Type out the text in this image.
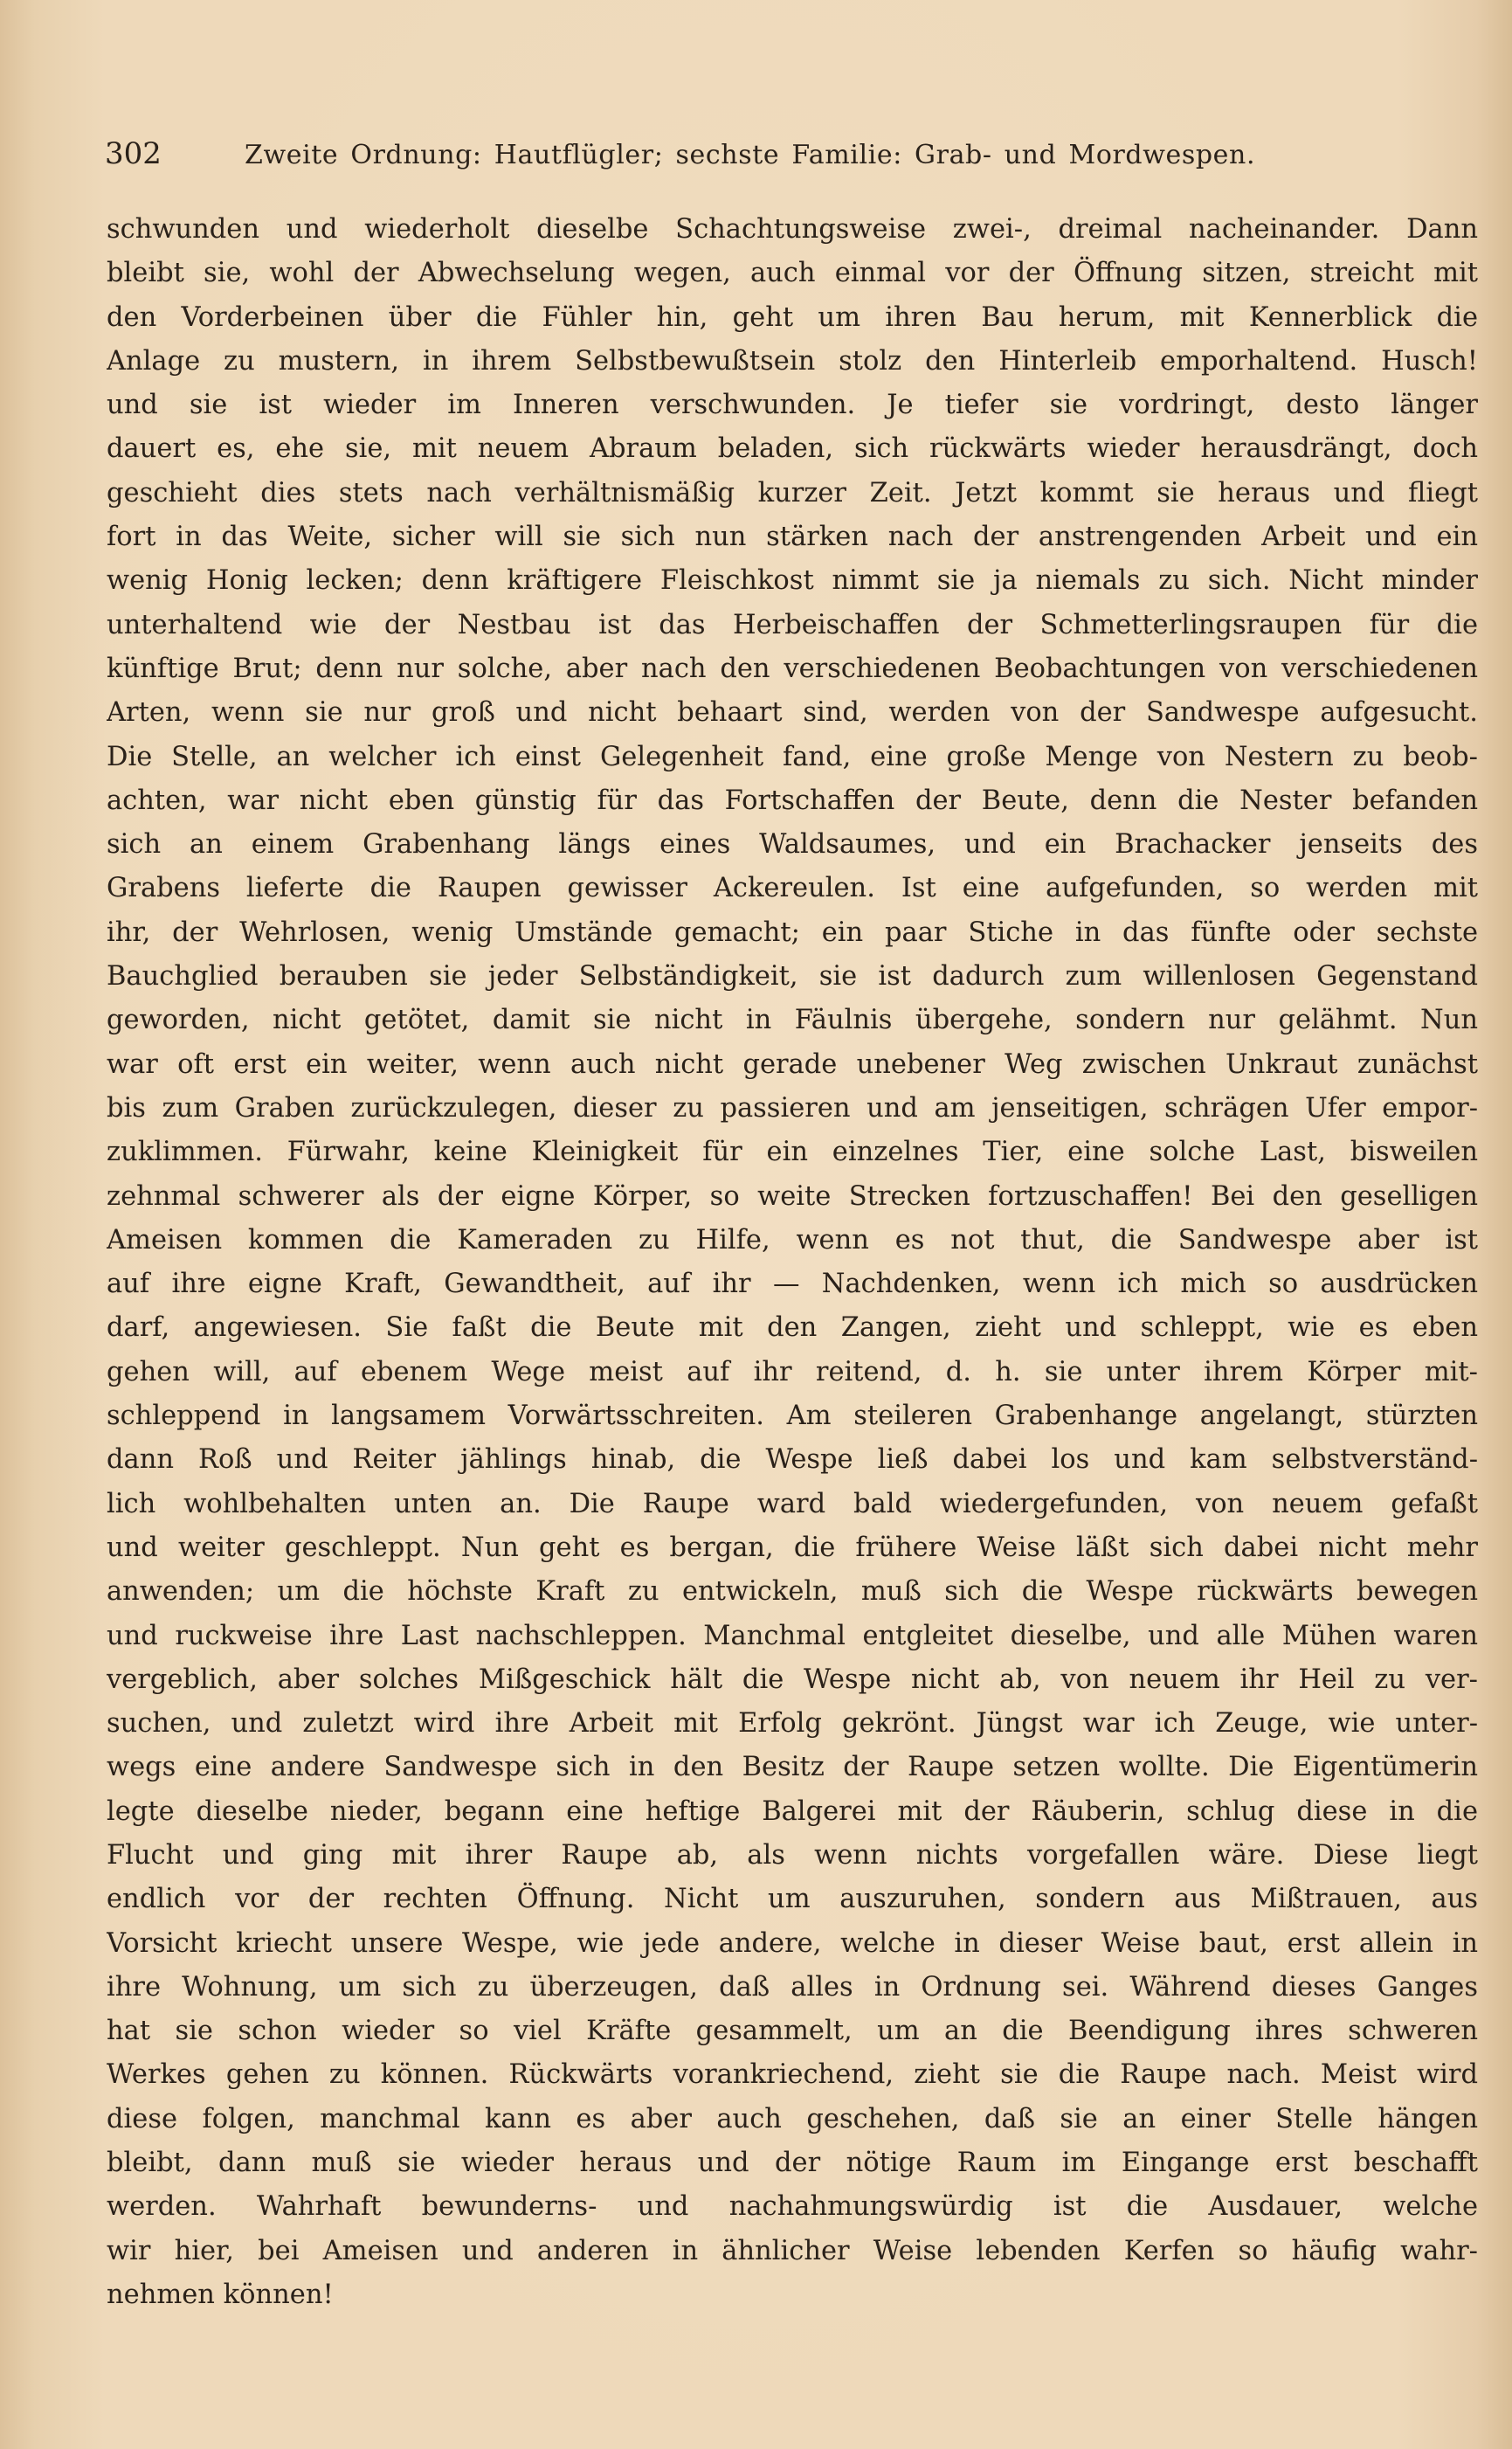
302	Zweite Ordnung: Hautflügler; sechste Familie: Grab- und Mordwespen.
schwunden und wiederholt dieselbe Schachtungsweise zwei-, dreimal nacheinander. Dann
bleibt sie, wohl der Abwechselung wegen, auch einmal vor der Öffnung sitzen, streicht mit
den Vorderbeinen über die Fühler hin, geht um ihren Bau herum, mit Kennerblick die
Anlage zu mustern, in ihrem Selbstbewußtsein stolz den Hinterleib emporhaltend. Husch!
und sie ist wieder im Inneren verschwunden. Je tiefer sie vordringt, desto länger
dauert es, ehe sie, mit neuem Abraum beladen, sich rückwärts wieder herausdrängt, doch
geschieht dies stets nach verhältnismäßig kurzer Zeit. Jetzt kommt sie heraus und fliegt
fort in das Weite, sicher will sie sich nun stärken nach der anstrengenden Arbeit und ein
wenig Honig lecken; denn kräftigere Fleischkost nimmt sie ja niemals zu sich. Nicht minder
unterhaltend wie der Nestbau ist das Herbeischaffen der Schmetterlingsraupen für die
künftige Brut; denn nur solche, aber nach den verschiedenen Beobachtungen von verschiedenen
Arten, wenn sie nur groß und nicht behaart sind, werden von der Sandwespe aufgesucht.
Die Stelle, an welcher ich einst Gelegenheit fand, eine große Menge von Nestern zu beob-
achten, war nicht eben günstig für das Fortschaffen der Beute, denn die Nester befanden
sich an einem Grabenhang längs eines Waldsaumes, und ein Brachacker jenseits des
Grabens lieferte die Raupen gewisser Ackereulen. Ist eine aufgefunden, so werden mit
ihr, der Wehrlosen, wenig Umstände gemacht; ein paar Stiche in das fünfte oder sechste
Bauchglied berauben sie jeder Selbständigkeit, sie ist dadurch zum willenlosen Gegenstand
geworden, nicht getötet, damit sie nicht in Fäulnis übergehe, sondern nur gelähmt. Nun
war oft erst ein weiter, wenn auch nicht gerade unebener Weg zwischen Unkraut zunächst
bis zum Graben zurückzulegen, dieser zu passieren und am jenseitigen, schrägen Ufer empor-
zuklimmen. Fürwahr, keine Kleinigkeit für ein einzelnes Tier, eine solche Last, bisweilen
zehnmal schwerer als der eigne Körper, so weite Strecken fortzuschaffen! Bei den geselligen
Ameisen kommen die Kameraden zu Hilfe, wenn es not thut, die Sandwespe aber ist
auf ihre eigne Kraft, Gewandtheit, auf ihr — Nachdenken, wenn ich mich so ausdrücken
darf, angewiesen. Sie faßt die Beute mit den Zangen, zieht und schleppt, wie es eben
gehen will, auf ebenem Wege meist auf ihr reitend, d. h. sie unter ihrem Körper mit-
schleppend in langsamem Vorwärtsschreiten. Am steileren Grabenhange angelangt, stürzten
dann Roß und Reiter jählings hinab, die Wespe ließ dabei los und kam selbstverständ-
lich wohlbehalten unten an. Die Raupe ward bald wiedergefunden, von neuem gefaßt
und weiter geschleppt. Nun geht es bergan, die frühere Weise läßt sich dabei nicht mehr
anwenden; um die höchste Kraft zu entwickeln, muß sich die Wespe rückwärts bewegen
und ruckweise ihre Last nachschleppen. Manchmal entgleitet dieselbe, und alle Mühen waren
vergeblich, aber solches Mißgeschick hält die Wespe nicht ab, von neuem ihr Heil zu ver-
suchen, und zuletzt wird ihre Arbeit mit Erfolg gekrönt. Jüngst war ich Zeuge, wie unter-
wegs eine andere Sandwespe sich in den Besitz der Raupe setzen wollte. Die Eigentümerin
legte dieselbe nieder, begann eine heftige Balgerei mit der Räuberin, schlug diese in die
Flucht und ging mit ihrer Raupe ab, als wenn nichts vorgefallen wäre. Diese liegt
endlich vor der rechten Öffnung. Nicht um auszuruhen, sondern aus Mißtrauen, aus
Vorsicht kriecht unsere Wespe, wie jede andere, welche in dieser Weise baut, erst allein in
ihre Wohnung, um sich zu überzeugen, daß alles in Ordnung sei. Während dieses Ganges
hat sie schon wieder so viel Kräfte gesammelt, um an die Beendigung ihres schweren
Werkes gehen zu können. Rückwärts vorankriechend, zieht sie die Raupe nach. Meist wird
diese folgen, manchmal kann es aber auch geschehen, daß sie an einer Stelle hängen
bleibt, dann muß sie wieder heraus und der nötige Raum im Eingange erst beschafft
werden. Wahrhaft bewunderns- und nachahmungswürdig ist die Ausdauer, welche
wir hier, bei Ameisen und anderen in ähnlicher Weise lebenden Kerfen so häufig wahr-
nehmen können!
